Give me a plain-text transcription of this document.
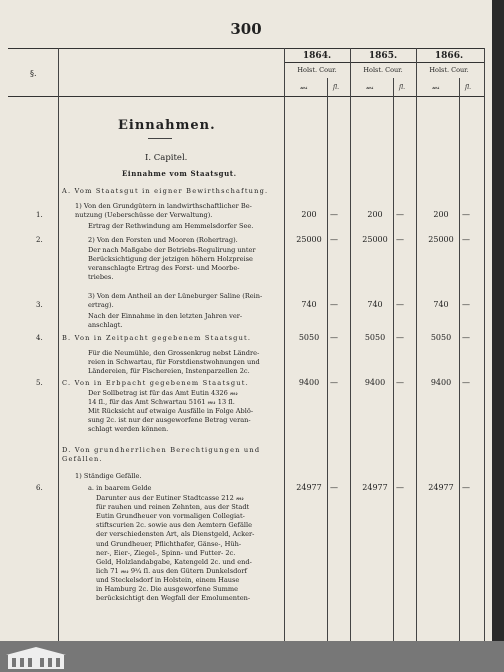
300
§.
1864.	1865.	1866.
Holst. Cour.	Holst. Cour.	Holst. Cour.
𝓂𝓈	ſl.	𝓂𝓈	ſl.	𝓂𝓈	ſl.
Einnahmen.
I. Capitel.
Einnahme vom Staatsgut.
A. Vom Staatsgut in eigner Bewirthschaftung.
1.
1) Von den Grundgütern in landwirthschaftlicher Be-
nutzung (Ueberschüsse der Verwaltung).	200	—	200	—	200	—
Ertrag der Rethwindung am Hemmelsdorfer See.
2.	2) Von den Forsten und Mooren (Rohertrag).	25000	—	25000	—	25000	—
Der nach Maßgabe der Betriebs-Regulirung unter
Berücksichtigung der jetzigen höhern Holzpreise
veranschlagte Ertrag des Forst- und Moorbe-
triebes.
3.
3) Von dem Antheil an der Lüneburger Saline (Rein-
ertrag).	740	—	740	—	740	—
Nach der Einnahme in den letzten Jahren ver-
anschlagt.
4.	B. Von in Zeitpacht gegebenem Staatsgut.	5050	—	5050	—	5050	—
Für die Neumühle, den Grossenkrug nebst Ländre-
reien in Schwartau, für Forstdienstwohnungen und
Ländereien, für Fischereien, Instenparzellen 2c.
5.	C. Von in Erbpacht gegebenem Staatsgut.	9400	—	9400	—	9400	—
Der Sollbetrag ist für das Amt Eutin 4326 𝓂𝓈
14 ſl., für das Amt Schwartau 5161 𝓂𝓈 13 ſl.
Mit Rücksicht auf etwaige Ausfälle in Folge Ablö-
sung 2c. ist nur der ausgeworfene Betrag veran-
schlagt werden können.
D. Von grundherrlichen Berechtigungen und
Gefällen.
1) Ständige Gefälle.
6.	a. in baarem Gelde	24977	—	24977	—	24977	—
Darunter aus der Eutiner Stadtcasse 212 𝓂𝓈
für rauhen und reinen Zehnten, aus der Stadt
Eutin Grundheuer von vormaligen Collegiat-
stiftscurien 2c. sowie aus den Aemtern Gefälle
der verschiedensten Art, als Dienstgeld, Acker-
und Grundheuer, Pflichthafer, Gänse-, Hüh-
ner-, Eier-, Ziegel-, Spinn- und Futter- 2c.
Geld, Holzlandabgabe, Katengeld 2c. und end-
lich 71 𝓂𝓈 9³⁄₄ ſl. aus den Gütern Dunkelsdorf
und Steckelsdorf in Holstein, einem Hause
in Hamburg 2c. Die ausgeworfene Summe
berücksichtigt den Wegfall der Emolumenten-
